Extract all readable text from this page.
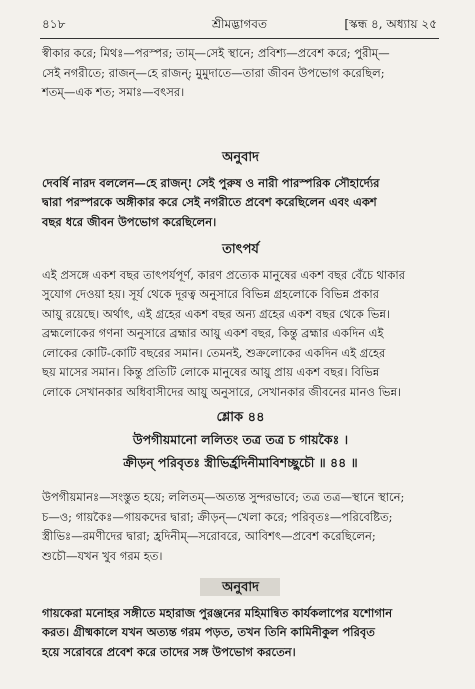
৪১৮	শ্রীমদ্ভাগবত	[স্কন্ধ ৪, অধ্যায় ২৫
স্বীকার করে; মিথঃ—পরস্পর; তাম্—সেই স্থানে; প্রবিশ্য—প্রবেশ করে; পুরীম্—
সেই নগরীতে; রাজন্—হে রাজন্; মুমুদাতে—তারা জীবন উপভোগ করেছিল;
শতম্—এক শত; সমাঃ—বৎসর।
অনুবাদ
দেবর্ষি নারদ বললেন—হে রাজন্! সেই পুরুষ ও নারী পারস্পরিক সৌহার্দ্যের
দ্বারা পরস্পরকে অঙ্গীকার করে সেই নগরীতে প্রবেশ করেছিলেন এবং একশ
বছর ধরে জীবন উপভোগ করেছিলেন।
তাৎপর্য
এই প্রসঙ্গে একশ বছর তাৎপর্যপূর্ণ, কারণ প্রত্যেক মানুষের একশ বছর বেঁচে থাকার
সুযোগ দেওয়া হয়। সূর্য থেকে দূরত্ব অনুসারে বিভিন্ন গ্রহলোকে বিভিন্ন প্রকার
আয়ু রয়েছে। অর্থাৎ, এই গ্রহের একশ বছর অন্য গ্রহের একশ বছর থেকে ভিন্ন।
ব্রহ্মলোকের গণনা অনুসারে ব্রহ্মার আয়ু একশ বছর, কিন্তু ব্রহ্মার একদিন এই
লোকের কোটি-কোটি বছরের সমান। তেমনই, শুক্রলোকের একদিন এই গ্রহের
ছয় মাসের সমান। কিন্তু প্রতিটি লোকে মানুষের আয়ু প্রায় একশ বছর। বিভিন্ন
লোকে সেখানকার অধিবাসীদের আয়ু অনুসারে, সেখানকার জীবনের মানও ভিন্ন।
শ্লোক ৪৪
উপগীয়মানো ললিতং তত্র তত্র চ গায়কৈঃ ।
ক্রীড়ন্ পরিবৃতঃ স্ত্রীভির্হ্রদিনীমাবিশচ্ছুচৌ ॥ ৪৪ ॥
উপগীয়মানঃ—সংস্তুত হয়ে; ললিতম্—অত্যন্ত সুন্দরভাবে; তত্র তত্র—স্থানে স্থানে;
চ—ও; গায়কৈঃ—গায়কদের দ্বারা; ক্রীড়ন্—খেলা করে; পরিবৃতঃ—পরিবেষ্টিত;
স্ত্রীভিঃ—রমণীদের দ্বারা; হ্রদিনীম্—সরোবরে, আবিশৎ—প্রবেশ করেছিলেন;
শুচৌ—যখন খুব গরম হত।
অনুবাদ
গায়কেরা মনোহর সঙ্গীতে মহারাজ পুরঞ্জনের মহিমান্বিত কার্যকলাপের যশোগান
করত। গ্রীষ্মকালে যখন অত্যন্ত গরম পড়ত, তখন তিনি কামিনীকুল পরিবৃত
হয়ে সরোবরে প্রবেশ করে তাদের সঙ্গ উপভোগ করতেন।
